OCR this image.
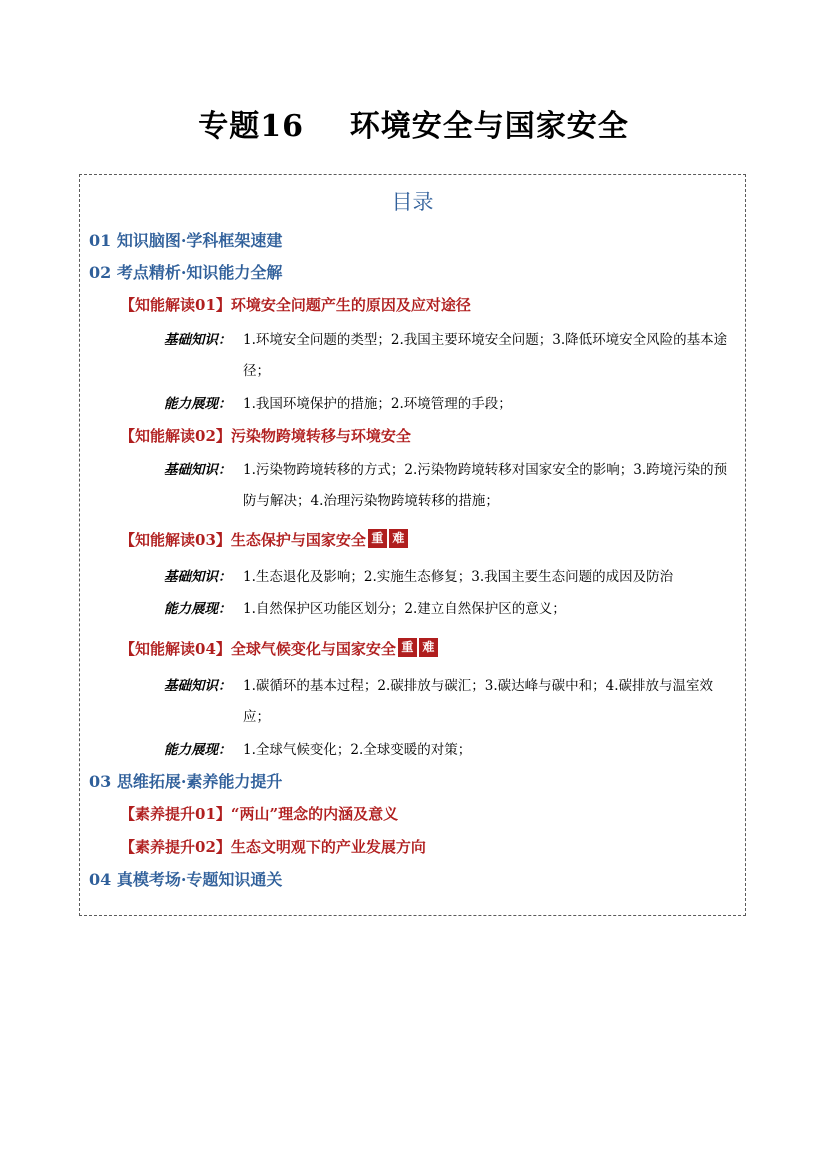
专题16    环境安全与国家安全
目录
01 知识脑图·学科框架速建
02 考点精析·知识能力全解
【知能解读01】环境安全问题产生的原因及应对途径
基础知识： 1.环境安全问题的类型；2.我国主要环境安全问题；3.降低环境安全风险的基本途径；
能力展现： 1.我国环境保护的措施；2.环境管理的手段；
【知能解读02】污染物跨境转移与环境安全
基础知识： 1.污染物跨境转移的方式；2.污染物跨境转移对国家安全的影响；3.跨境污染的预防与解决；4.治理污染物跨境转移的措施；
【知能解读03】生态保护与国家安全 重 难
基础知识： 1.生态退化及影响；2.实施生态修复；3.我国主要生态问题的成因及防治
能力展现： 1.自然保护区功能区划分；2.建立自然保护区的意义；
【知能解读04】全球气候变化与国家安全 重 难
基础知识： 1.碳循环的基本过程；2.碳排放与碳汇；3.碳达峰与碳中和；4.碳排放与温室效应；
能力展现： 1.全球气候变化；2.全球变暖的对策；
03 思维拓展·素养能力提升
【素养提升01】“两山”理念的内涵及意义
【素养提升02】生态文明观下的产业发展方向
04 真模考场·专题知识通关
